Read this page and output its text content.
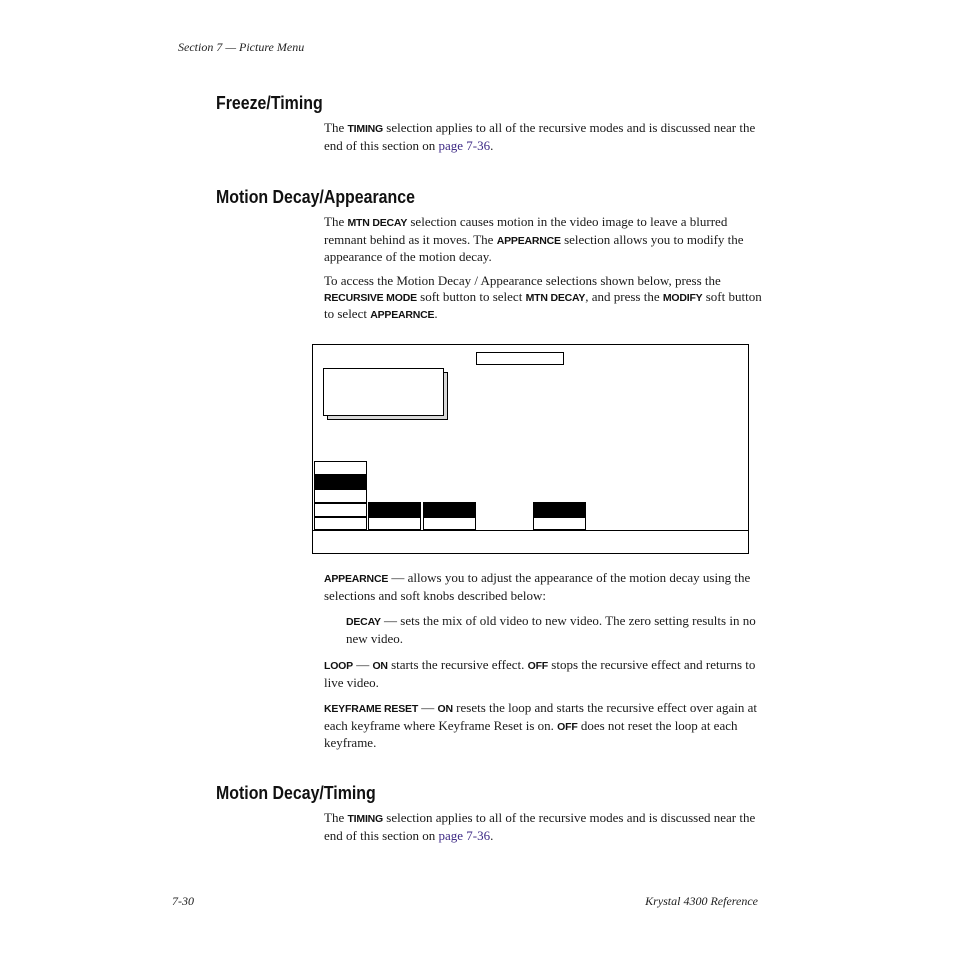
Section 7 — Picture Menu
Freeze/Timing

The TIMING selection applies to all of the recursive modes and is discussed near the end of this section on page 7-36.

Motion Decay/Appearance

The MTN DECAY selection causes motion in the video image to leave a blurred remnant behind as it moves. The APPEARNCE selection allows you to modify the appearance of the motion decay.

To access the Motion Decay / Appearance selections shown below, press the RECURSIVE MODE soft button to select MTN DECAY, and press the MODIFY soft button to select APPEARNCE.

APPEARNCE — allows you to adjust the appearance of the motion decay using the selections and soft knobs described below:

DECAY — sets the mix of old video to new video. The zero setting results in no new video.

LOOP — ON starts the recursive effect. OFF stops the recursive effect and returns to live video.

KEYFRAME RESET — ON resets the loop and starts the recursive effect over again at each keyframe where Keyframe Reset is on. OFF does not reset the loop at each keyframe.

Motion Decay/Timing

The TIMING selection applies to all of the recursive modes and is discussed near the end of this section on page 7-36.

7-30	Krystal 4300 Reference
